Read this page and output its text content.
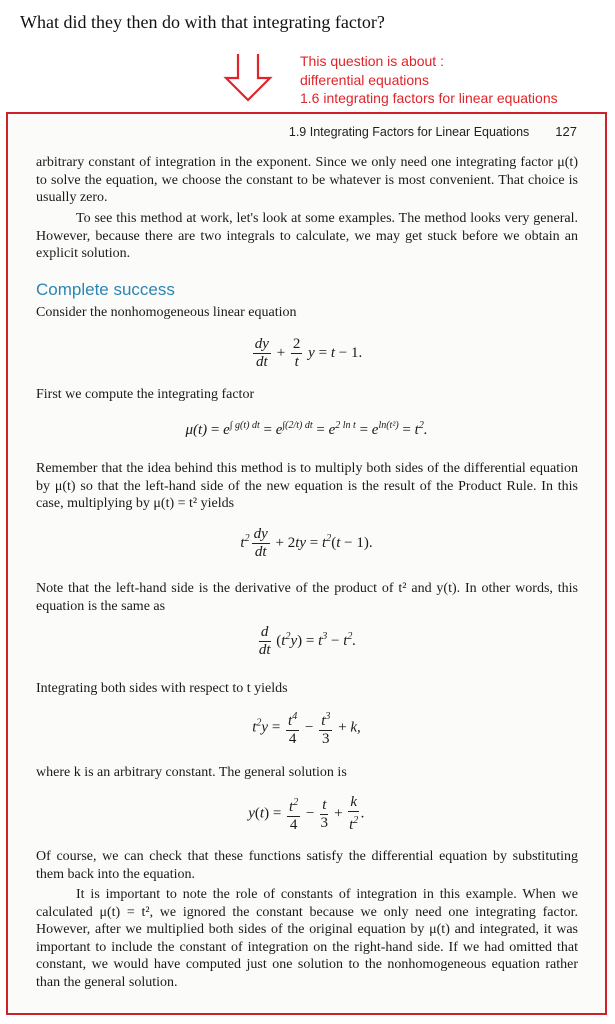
What did they then do with that integrating factor?
This question is about :
differential equations
1.6 integrating factors for linear equations
1.9 Integrating Factors for Linear Equations 127
arbitrary constant of integration in the exponent. Since we only need one integrating factor μ(t) to solve the equation, we choose the constant to be whatever is most convenient. That choice is usually zero.
To see this method at work, let's look at some examples. The method looks very general. However, because there are two integrals to calculate, we may get stuck before we obtain an explicit solution.
Complete success
Consider the nonhomogeneous linear equation
$\frac{dy}{dt} + \frac{2}{t}$ y = t − 1.
First we compute the integrating factor
$\mu(t) = e^{\int g(t) dt} = e^{\int(2/t) dt} = e^{2 ln t} = e^{ln(t^2)} = t^2$.
Remember that the idea behind this method is to multiply both sides of the differential equation by μ(t) so that the left-hand side of the new equation is the result of the Product Rule. In this case, multiplying by μ(t) = t² yields
$t^2 \frac{dy}{dt} + 2ty = t^2(t - 1)$.
Note that the left-hand side is the derivative of the product of t² and y(t). In other words, this equation is the same as
$\frac{d}{dt} (t^2y) = t^3 - t^2$.
Integrating both sides with respect to t yields
$t^2y = \frac{t^4}{4} - \frac{t^3}{3} + k$,
where k is an arbitrary constant. The general solution is
$y(t) = \frac{t^2}{4} - \frac{t}{3} + \frac{k}{t^2}$ .
Of course, we can check that these functions satisfy the differential equation by substituting them back into the equation.
It is important to note the role of constants of integration in this example. When we calculated μ(t) = t², we ignored the constant because we only need one integrating factor. However, after we multiplied both sides of the original equation by μ(t) and integrated, it was important to include the constant of integration on the right-hand side. If we had omitted that constant, we would have computed just one solution to the nonhomogeneous equation rather than the general solution.
